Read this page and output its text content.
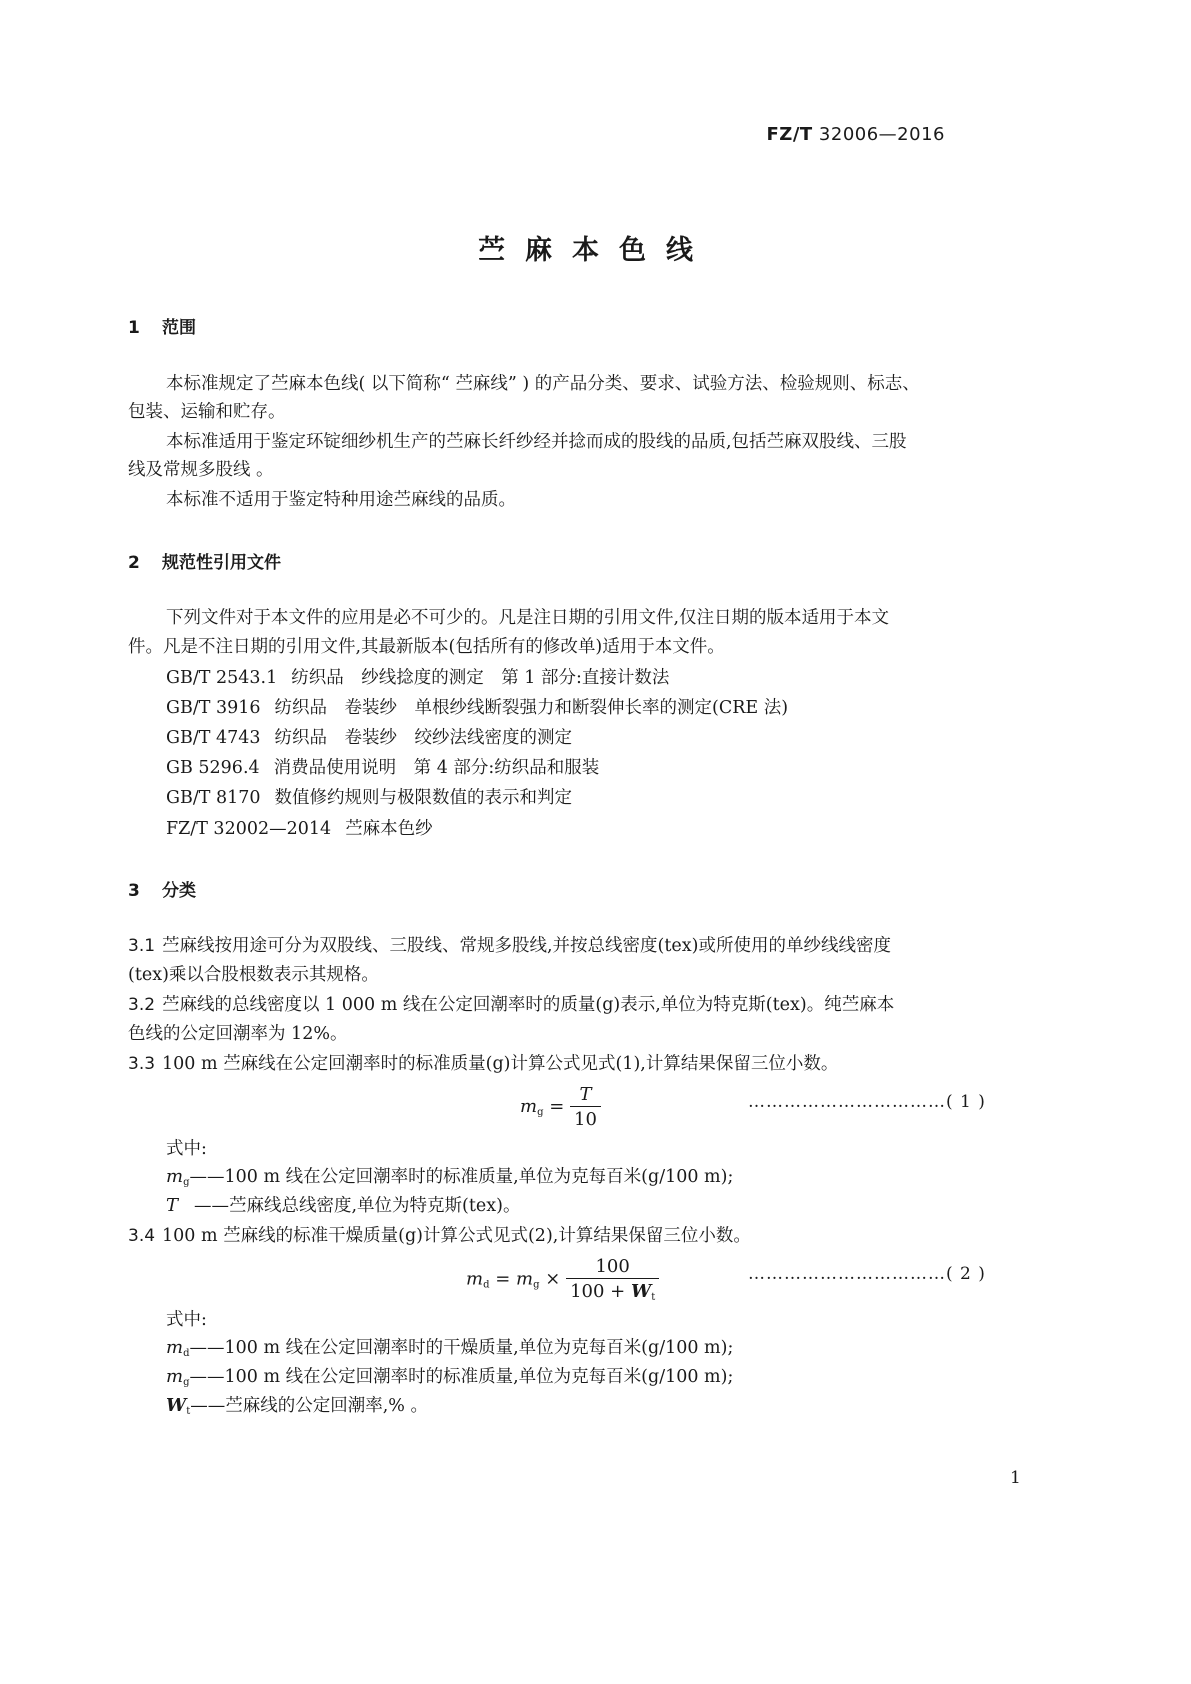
FZ/T 32006—2016
苎麻本色线
1 范围
本标准规定了苎麻本色线( 以下简称“ 苎麻线” ) 的产品分类、要求、试验方法、检验规则、标志、
包装、运输和贮存。
本标准适用于鉴定环锭细纱机生产的苎麻长纤纱经并捻而成的股线的品质,包括苎麻双股线、三股
线及常规多股线 。
本标准不适用于鉴定特种用途苎麻线的品质。
2 规范性引用文件
下列文件对于本文件的应用是必不可少的。凡是注日期的引用文件,仅注日期的版本适用于本文
件。凡是不注日期的引用文件,其最新版本(包括所有的修改单)适用于本文件。
GB/T 2543.1 纺织品　纱线捻度的测定　第 1 部分:直接计数法
GB/T 3916 纺织品　卷装纱　单根纱线断裂强力和断裂伸长率的测定(CRE 法)
GB/T 4743 纺织品　卷装纱　绞纱法线密度的测定
GB 5296.4 消费品使用说明　第 4 部分:纺织品和服装
GB/T 8170 数值修约规则与极限数值的表示和判定
FZ/T 32002—2014 苎麻本色纱
3 分类
3.1 苎麻线按用途可分为双股线、三股线、常规多股线,并按总线密度(tex)或所使用的单纱线线密度
(tex)乘以合股根数表示其规格。
3.2 苎麻线的总线密度以 1 000 m 线在公定回潮率时的质量(g)表示,单位为特克斯(tex)。纯苎麻本
色线的公定回潮率为 12%。
3.3 100 m 苎麻线在公定回潮率时的标准质量(g)计算公式见式(1),计算结果保留三位小数。
$m_g = \frac{T}{10}$	……………………………( 1 )
式中:
$m_g——100$ m 线在公定回潮率时的标准质量,单位为克每百米(g/100 m);
T ——苎麻线总线密度,单位为特克斯(tex)。
3.4 100 m 苎麻线的标准干燥质量(g)计算公式见式(2),计算结果保留三位小数。
$m_d = m_g \times \frac{100}{100 + W_t}$	……………………………( 2 )
式中:
$m_d——100$ m 线在公定回潮率时的干燥质量,单位为克每百米(g/100 m);
$m_g——100$ m 线在公定回潮率时的标准质量,单位为克每百米(g/100 m);
$W_t——$苎麻线的公定回潮率,% 。
1
